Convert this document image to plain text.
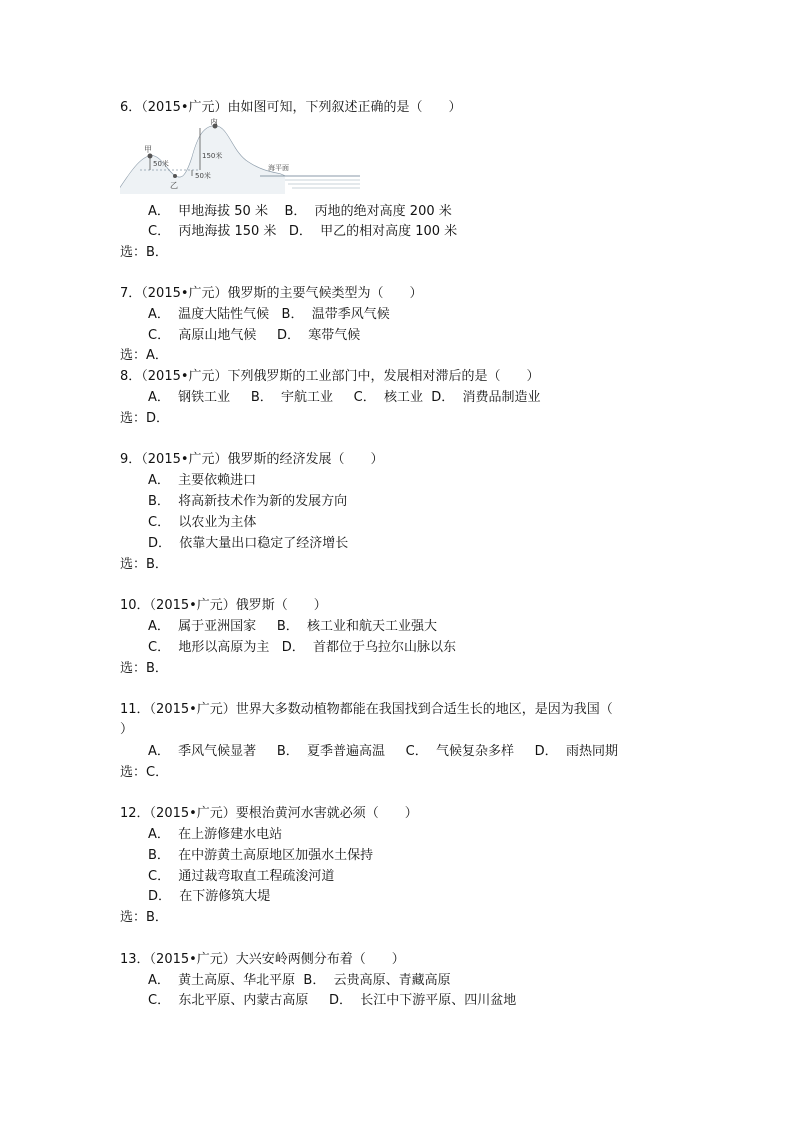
6．（2015•广元）由如图可知，下列叙述正确的是（　　）
甲
丙
乙
50米
150米
50米
海平面
A．  甲地海拔 50 米    B．  丙地的绝对高度 200 米
C．  丙地海拔 150 米   D．  甲乙的相对高度 100 米
选：B．
7．（2015•广元）俄罗斯的主要气候类型为（　　）
A．  温度大陆性气候   B．  温带季风气候
C．  高原山地气候     D．  寒带气候
选：A．
8．（2015•广元）下列俄罗斯的工业部门中，发展相对滞后的是（　　）
A．  钢铁工业     B．  宇航工业     C．  核工业  D．  消费品制造业
选：D．
9．（2015•广元）俄罗斯的经济发展（　　）
A．  主要依赖进口
B．  将高新技术作为新的发展方向
C．  以农业为主体
D．  依靠大量出口稳定了经济增长
选：B．
10．（2015•广元）俄罗斯（　　）
A．  属于亚洲国家     B．  核工业和航天工业强大
C．  地形以高原为主   D．  首都位于乌拉尔山脉以东
选：B．
11．（2015•广元）世界大多数动植物都能在我国找到合适生长的地区，是因为我国（
）
A．  季风气候显著     B．  夏季普遍高温     C．  气候复杂多样     D．  雨热同期
选：C．
12．（2015•广元）要根治黄河水害就必须（　　）
A．  在上游修建水电站
B．  在中游黄土高原地区加强水土保持
C．  通过裁弯取直工程疏浚河道
D．  在下游修筑大堤
选：B．
13．（2015•广元）大兴安岭两侧分布着（　　）
A．  黄土高原、华北平原  B．  云贵高原、青藏高原
C．  东北平原、内蒙古高原     D．  长江中下游平原、四川盆地
